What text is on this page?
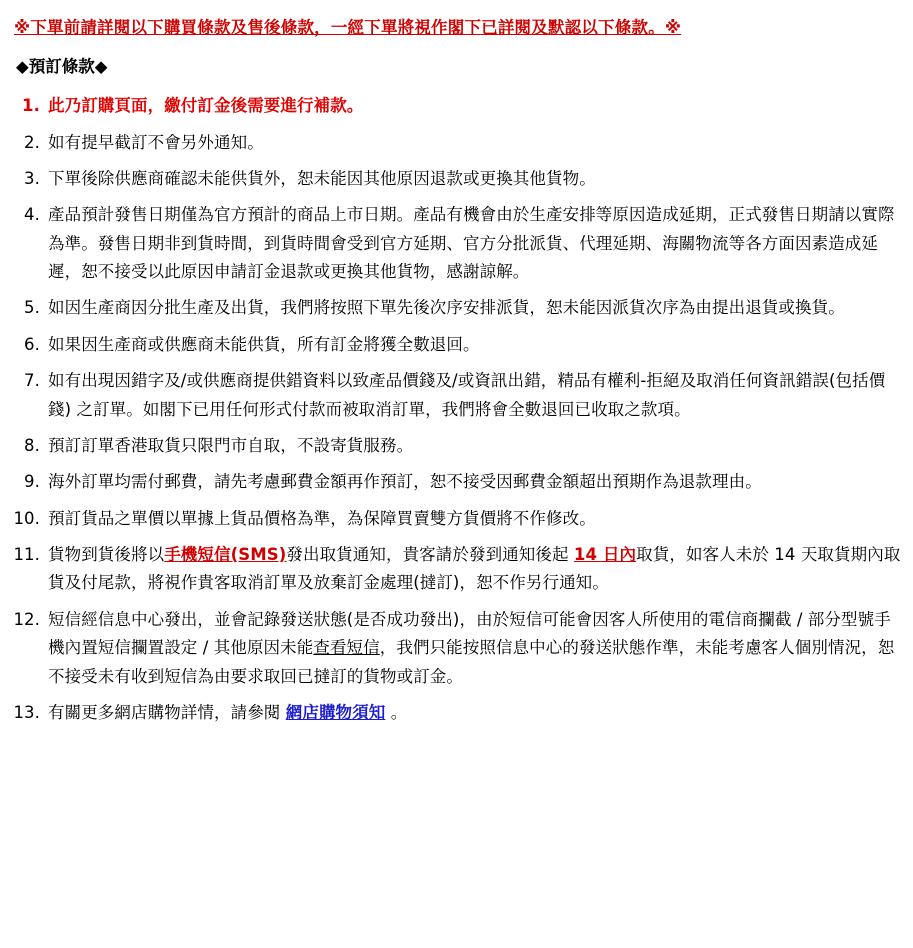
※下單前請詳閱以下購買條款及售後條款，一經下單將視作閣下已詳閱及默認以下條款。※
◆預訂條款◆
此乃訂購頁面，繳付訂金後需要進行補款。
如有提早截訂不會另外通知。
下單後除供應商確認未能供貨外，恕未能因其他原因退款或更換其他貨物。
產品預計發售日期僅為官方預計的商品上市日期。產品有機會由於生產安排等原因造成延期，正式發售日期請以實際為準。發售日期非到貨時間，到貨時間會受到官方延期、官方分批派貨、代理延期、海關物流等各方面因素造成延遲，恕不接受以此原因申請訂金退款或更換其他貨物，感謝諒解。
如因生產商因分批生產及出貨，我們將按照下單先後次序安排派貨，恕未能因派貨次序為由提出退貨或換貨。
如果因生產商或供應商未能供貨，所有訂金將獲全數退回。
如有出現因錯字及/或供應商提供錯資料以致產品價錢及/或資訊出錯，精品有權利-拒絕及取消任何資訊錯誤(包括價錢) 之訂單。如閣下已用任何形式付款而被取消訂單，我們將會全數退回已收取之款項。
預訂訂單香港取貨只限門市自取，不設寄貨服務。
海外訂單均需付郵費，請先考慮郵費金額再作預訂，恕不接受因郵費金額超出預期作為退款理由。
預訂貨品之單價以單據上貨品價格為準，為保障買賣雙方貨價將不作修改。
貨物到貨後將以手機短信(SMS)發出取貨通知，貴客請於發到通知後起 14 日內取貨，如客人未於 14 天取貨期內取貨及付尾款，將視作貴客取消訂單及放棄訂金處理(撻訂)，恕不作另行通知。
短信經信息中心發出，並會記錄發送狀態(是否成功發出)，由於短信可能會因客人所使用的電信商攔截 / 部分型號手機內置短信攔置設定 / 其他原因未能查看短信，我們只能按照信息中心的發送狀態作準，未能考慮客人個別情況，恕不接受未有收到短信為由要求取回已撻訂的貨物或訂金。
有關更多網店購物詳情，請參閱 網店購物須知 。
